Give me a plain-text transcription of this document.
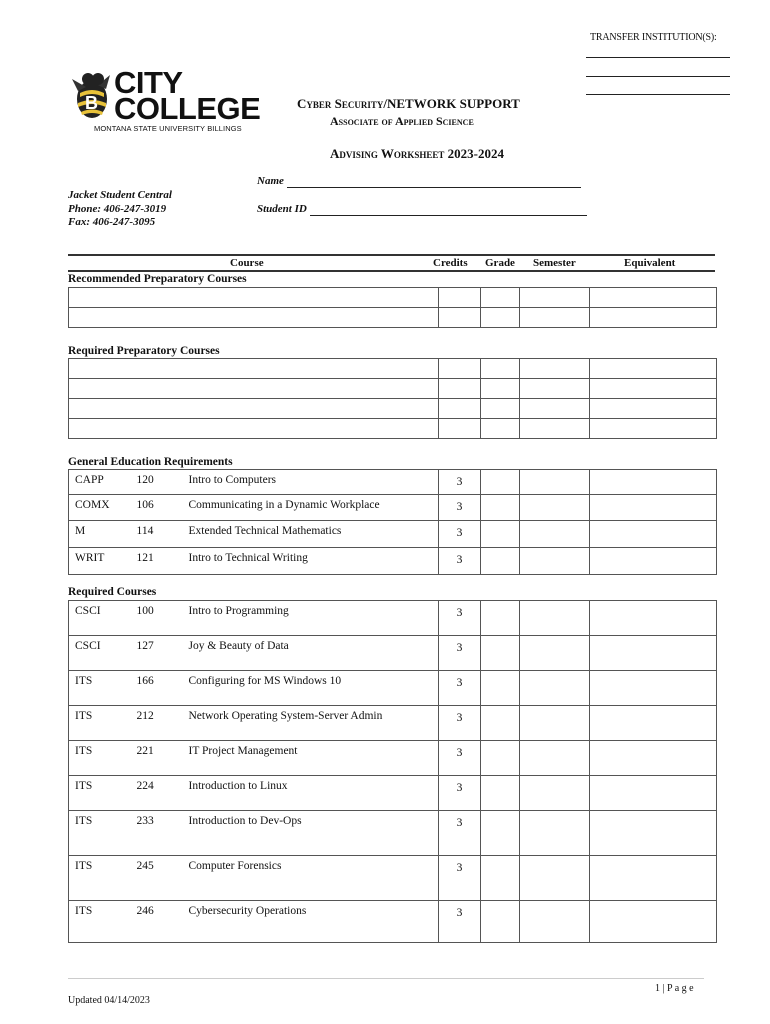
TRANSFER INSTITUTION(S):
B
CITY
COLLEGE
MONTANA STATE UNIVERSITY BILLINGS
Cyber Security/NETWORK SUPPORT
Associate of Applied Science
Advising Worksheet 2023-2024
Name
Student ID
Jacket Student Central
Phone: 406-247-3019
Fax: 406-247-3095
Course	Credits Grade Semester	Equivalent
Recommended Preparatory Courses

Required Preparatory Courses

General Education Requirements
CAPP	120	Intro to Computers	3			
COMX	106	Communicating in a Dynamic Workplace	3			
M	114	Extended Technical Mathematics	3			
WRIT	121	Intro to Technical Writing	3			
Required Courses
CSCI	100	Intro to Programming	3			
CSCI	127	Joy & Beauty of Data	3			
ITS	166	Configuring for MS Windows 10	3			
ITS	212	Network Operating System-Server Admin	3			
ITS	221	IT Project Management	3			
ITS	224	Introduction to Linux	3			
ITS	233	Introduction to Dev-Ops	3			
ITS	245	Computer Forensics	3			
ITS	246	Cybersecurity Operations	3			
1 | P a g e
Updated 04/14/2023
